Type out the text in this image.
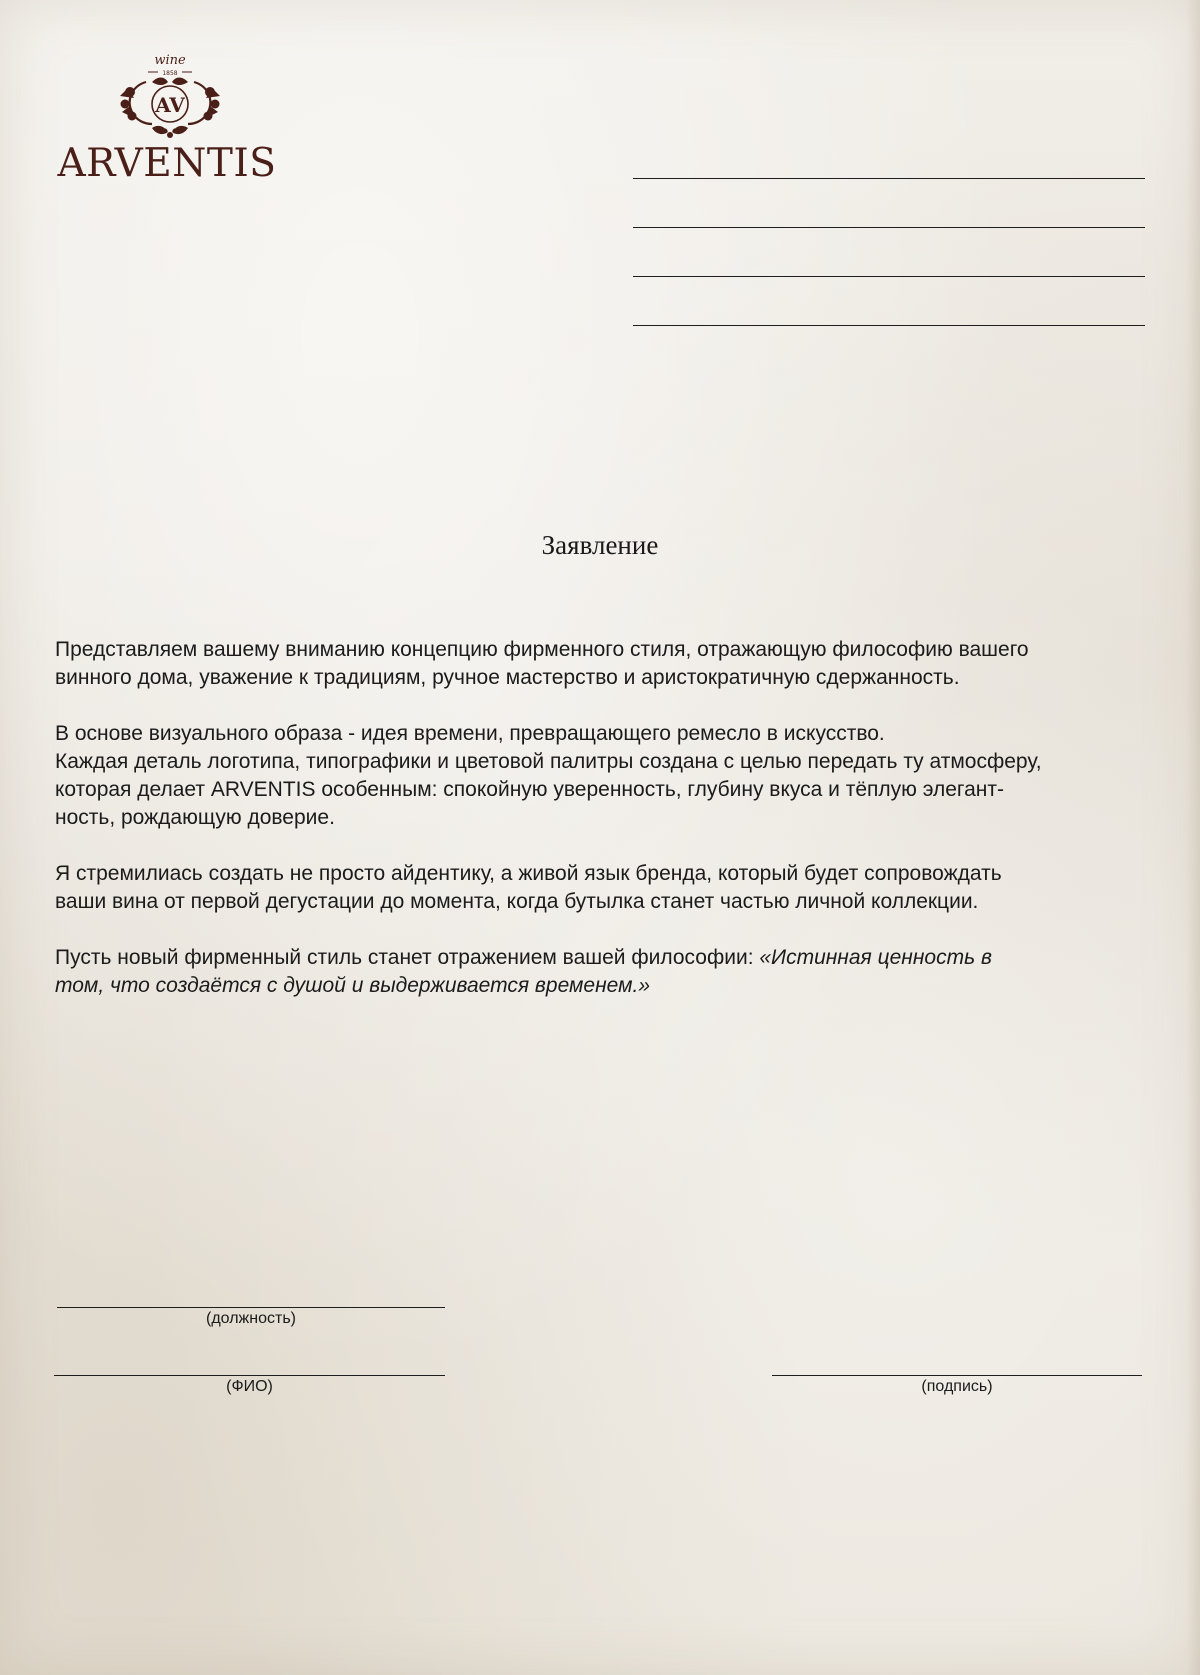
wine
1858
AV
ARVENTIS
Заявление

Представляем вашему вниманию концепцию фирменного стиля, отражающую философию вашего
винного дома, уважение к традициям, ручное мастерство и аристократичную сдержанность.

В основе визуального образа - идея времени, превращающего ремесло в искусство.
Каждая деталь логотипа, типографики и цветовой палитры создана с целью передать ту атмосферу,
которая делает ARVENTIS особенным: спокойную уверенность, глубину вкуса и тёплую элегант-
ность, рождающую доверие.

Я стремилиась создать не просто айдентику, а живой язык бренда, который будет сопровождать
ваши вина от первой дегустации до момента, когда бутылка станет частью личной коллекции.

Пусть новый фирменный стиль станет отражением вашей философии: «Истинная ценность в
том, что создаётся с душой и выдерживается временем.»

(должность)
(ФИО)	(подпись)
